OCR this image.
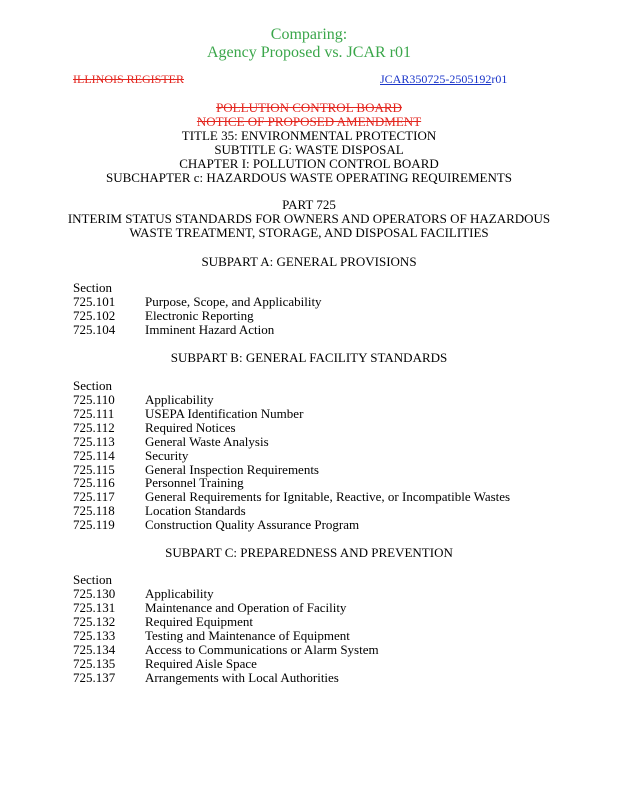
Comparing:
Agency Proposed vs. JCAR r01
ILLINOIS REGISTER	JCAR350725-2505192r01
POLLUTION CONTROL BOARD
NOTICE OF PROPOSED AMENDMENT
TITLE 35: ENVIRONMENTAL PROTECTION
SUBTITLE G: WASTE DISPOSAL
CHAPTER I: POLLUTION CONTROL BOARD
SUBCHAPTER c: HAZARDOUS WASTE OPERATING REQUIREMENTS
PART 725
INTERIM STATUS STANDARDS FOR OWNERS AND OPERATORS OF HAZARDOUS
WASTE TREATMENT, STORAGE, AND DISPOSAL FACILITIES
SUBPART A: GENERAL PROVISIONS
Section
725.101 Purpose, Scope, and Applicability
725.102 Electronic Reporting
725.104 Imminent Hazard Action
SUBPART B: GENERAL FACILITY STANDARDS
Section
725.110 Applicability
725.111 USEPA Identification Number
725.112 Required Notices
725.113 General Waste Analysis
725.114 Security
725.115 General Inspection Requirements
725.116 Personnel Training
725.117 General Requirements for Ignitable, Reactive, or Incompatible Wastes
725.118 Location Standards
725.119 Construction Quality Assurance Program
SUBPART C: PREPAREDNESS AND PREVENTION
Section
725.130 Applicability
725.131 Maintenance and Operation of Facility
725.132 Required Equipment
725.133 Testing and Maintenance of Equipment
725.134 Access to Communications or Alarm System
725.135 Required Aisle Space
725.137 Arrangements with Local Authorities
